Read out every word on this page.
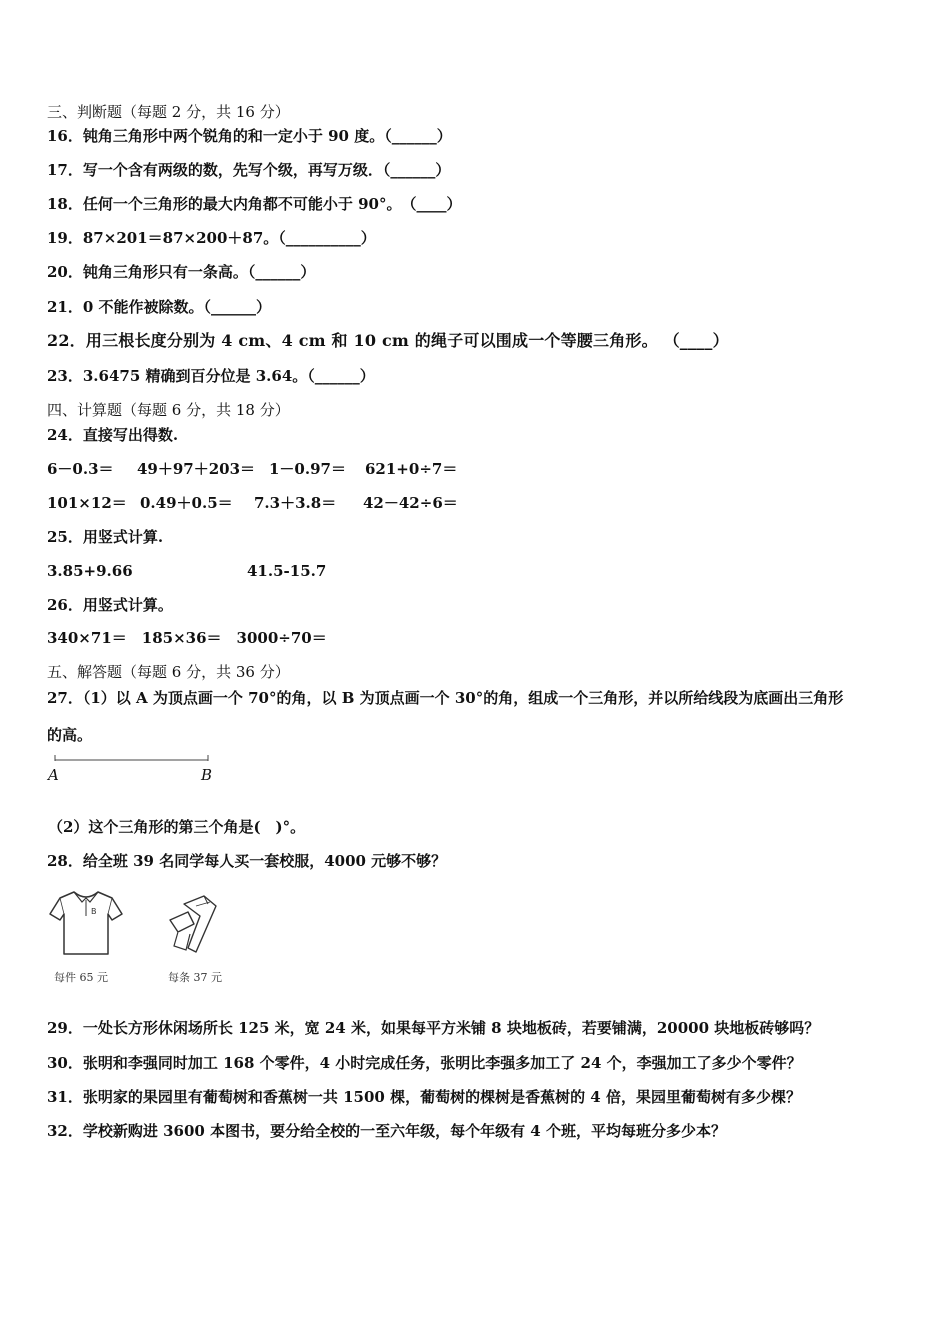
三、判断题（每题 2 分，共 16 分）
16．钝角三角形中两个锐角的和一定小于 90 度。（______）
17．写一个含有两级的数，先写个级，再写万级．（______）
18．任何一个三角形的最大内角都不可能小于 90°。　（____）
19．87×201＝87×200＋87。（__________）
20．钝角三角形只有一条高。（______）
21．0 不能作被除数。（______）
22．用三根长度分别为 4 cm、4 cm 和 10 cm 的绳子可以围成一个等腰三角形。 （____）
23．3.6475 精确到百分位是 3.64。（______）
四、计算题（每题 6 分，共 18 分）
24．直接写出得数.
6－0.3＝ 49＋97＋203＝ 1－0.97＝ 621+0÷7＝
101×12＝ 0.49＋0.5＝ 7.3＋3.8＝ 42－42÷6＝
25．用竖式计算.
3.85+9.66	41.5-15.7
26．用竖式计算。
340×71＝　185×36＝　3000÷70＝
五、解答题（每题 6 分，共 36 分）
27．（1）以 A 为顶点画一个 70°的角，以 B 为顶点画一个 30°的角，组成一个三角形，并以所给线段为底画出三角形
的高。
A	B
（2）这个三角形的第三个角是(　)°。
28．给全班 39 名同学每人买一套校服，4000 元够不够？
B
每件 65 元	每条 37 元
29．一处长方形休闲场所长 125 米，宽 24 米，如果每平方米铺 8 块地板砖，若要铺满，20000 块地板砖够吗？
30．张明和李强同时加工 168 个零件，4 小时完成任务，张明比李强多加工了 24 个，李强加工了多少个零件？
31．张明家的果园里有葡萄树和香蕉树一共 1500 棵，葡萄树的棵树是香蕉树的 4 倍，果园里葡萄树有多少棵？
32．学校新购进 3600 本图书，要分给全校的一至六年级，每个年级有 4 个班，平均每班分多少本？
